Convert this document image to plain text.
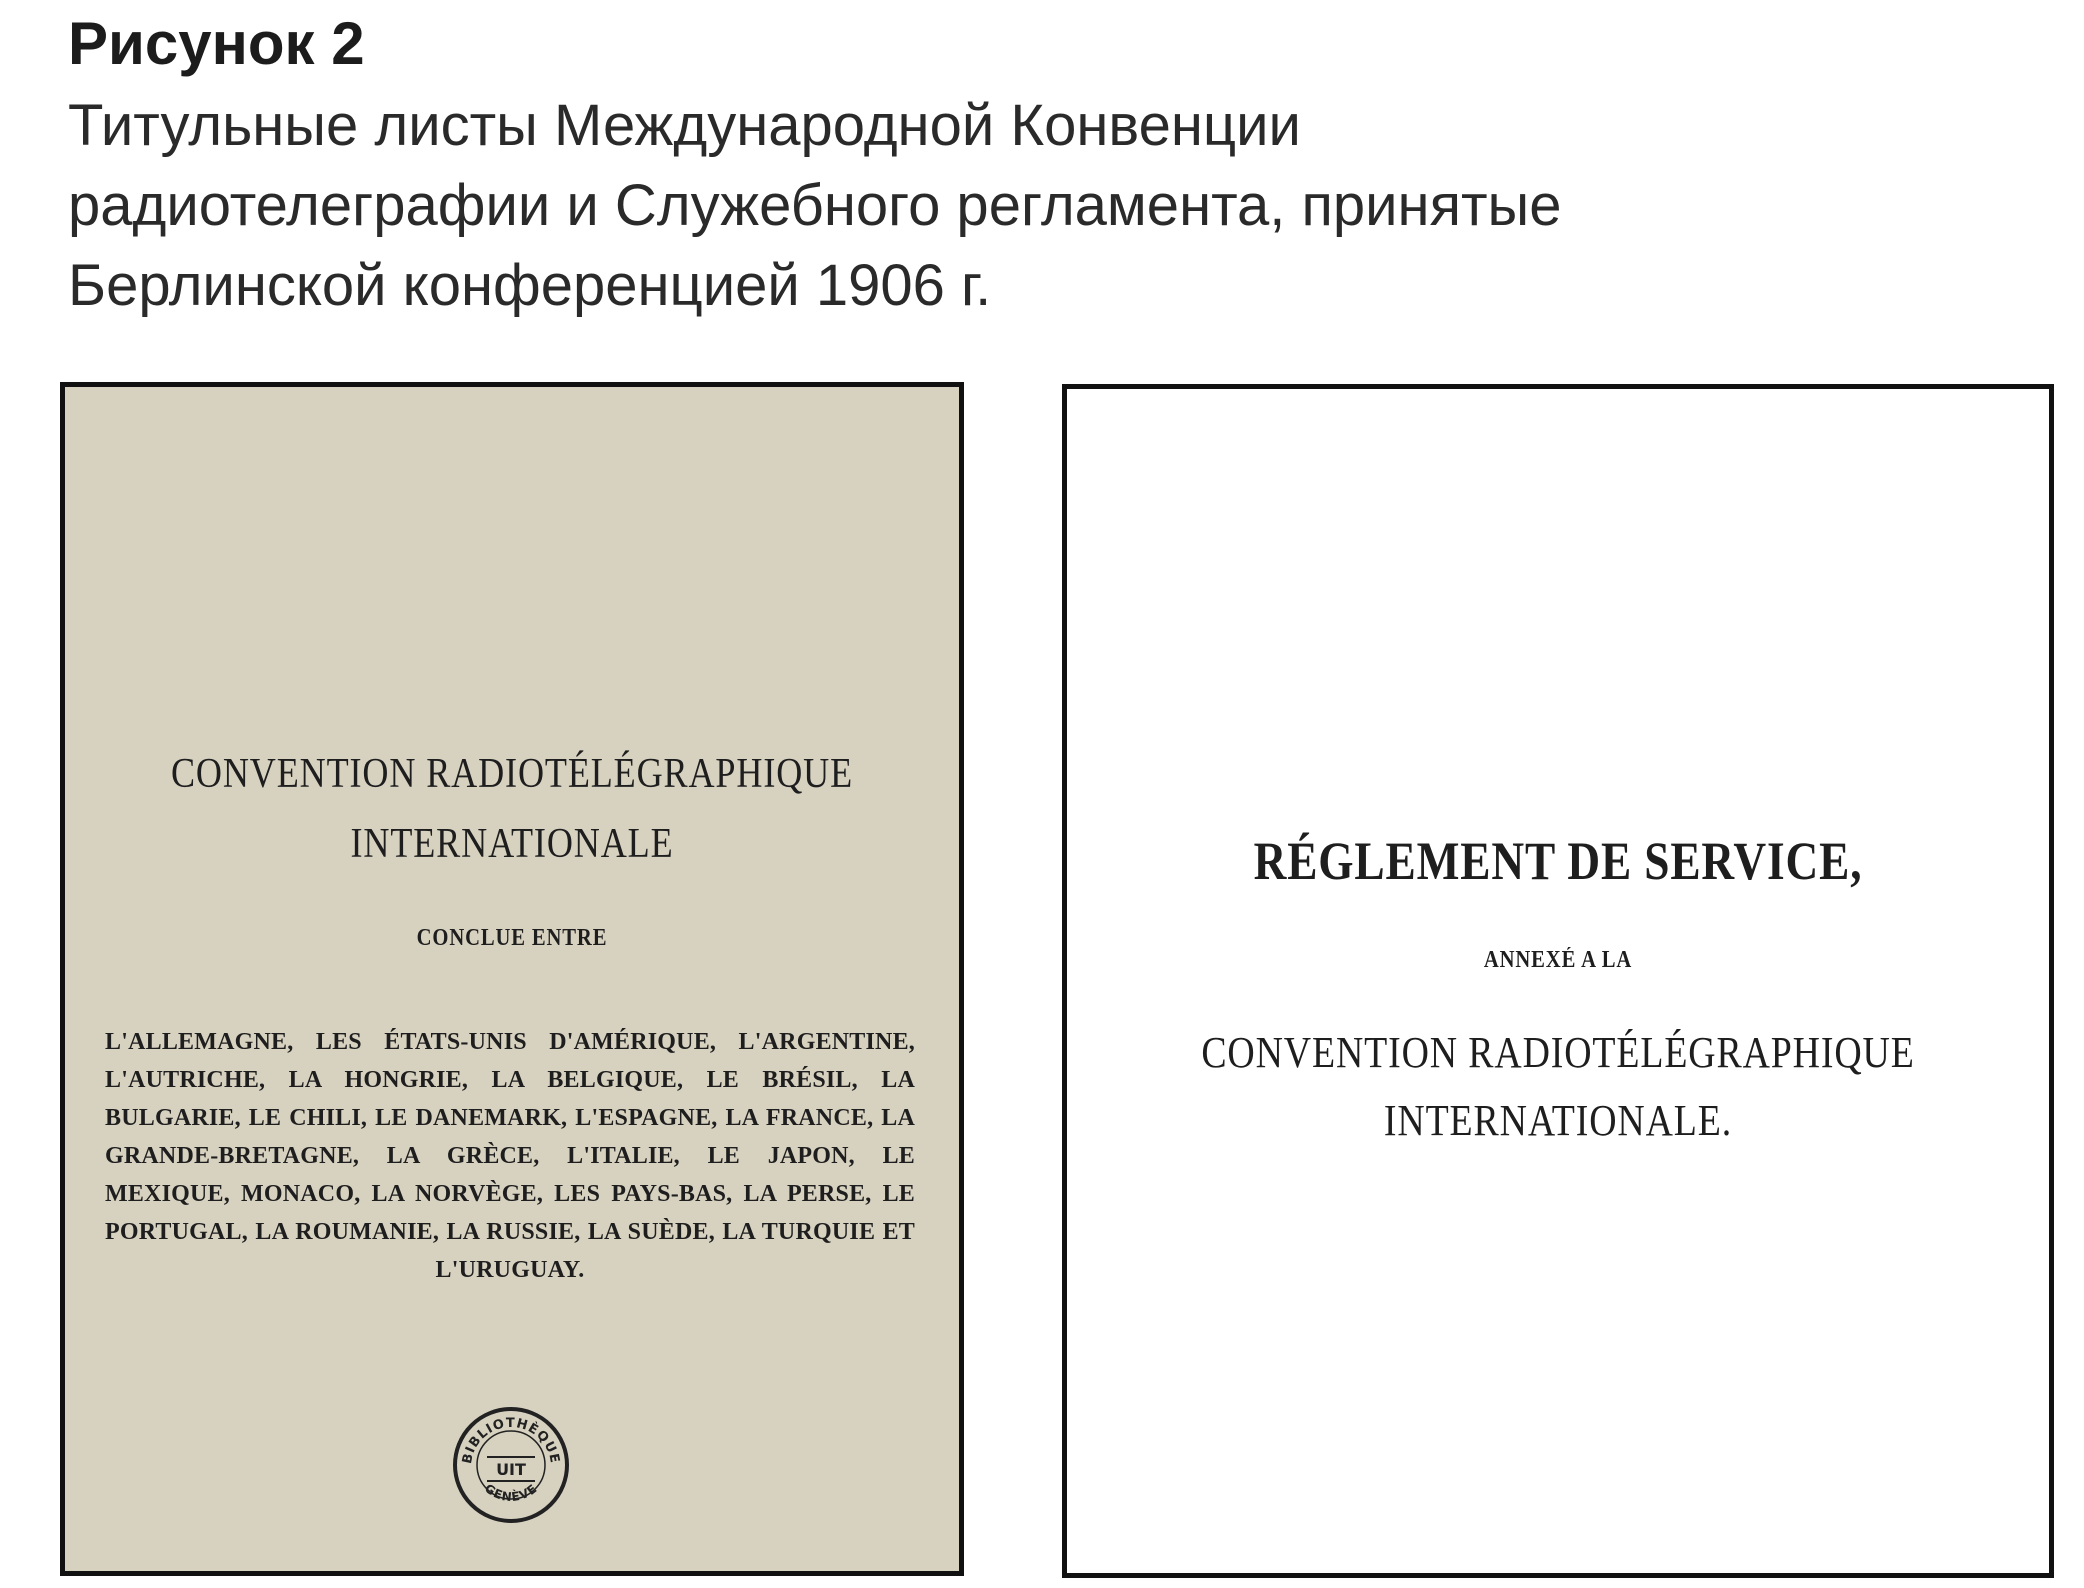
Рисунок 2

Титульные листы Международной Конвенции
радиотелеграфии и Служебного регламента, принятые
Берлинской конференцией 1906 г.

CONVENTION RADIOTÉLÉGRAPHIQUE
INTERNATIONALE
CONCLUE ENTRE
L'ALLEMAGNE, LES ÉTATS-UNIS D'AMÉRIQUE, L'ARGENTINE, L'AUTRICHE, LA HONGRIE, LA BELGIQUE, LE BRÉSIL, LA BULGARIE, LE CHILI, LE DANEMARK, L'ESPAGNE, LA FRANCE, LA GRANDE-BRETAGNE, LA GRÈCE, L'ITALIE, LE JAPON, LE MEXIQUE, MONACO, LA NORVÈGE, LES PAYS-BAS, LA PERSE, LE PORTUGAL, LA ROUMANIE, LA RUSSIE, LA SUÈDE, LA TURQUIE ET L'URUGUAY.
BIBLIOTHÈQUE
UIT
GENÈVE
RÉGLEMENT DE SERVICE,
ANNEXÉ A LA
CONVENTION RADIOTÉLÉGRAPHIQUE
INTERNATIONALE.
